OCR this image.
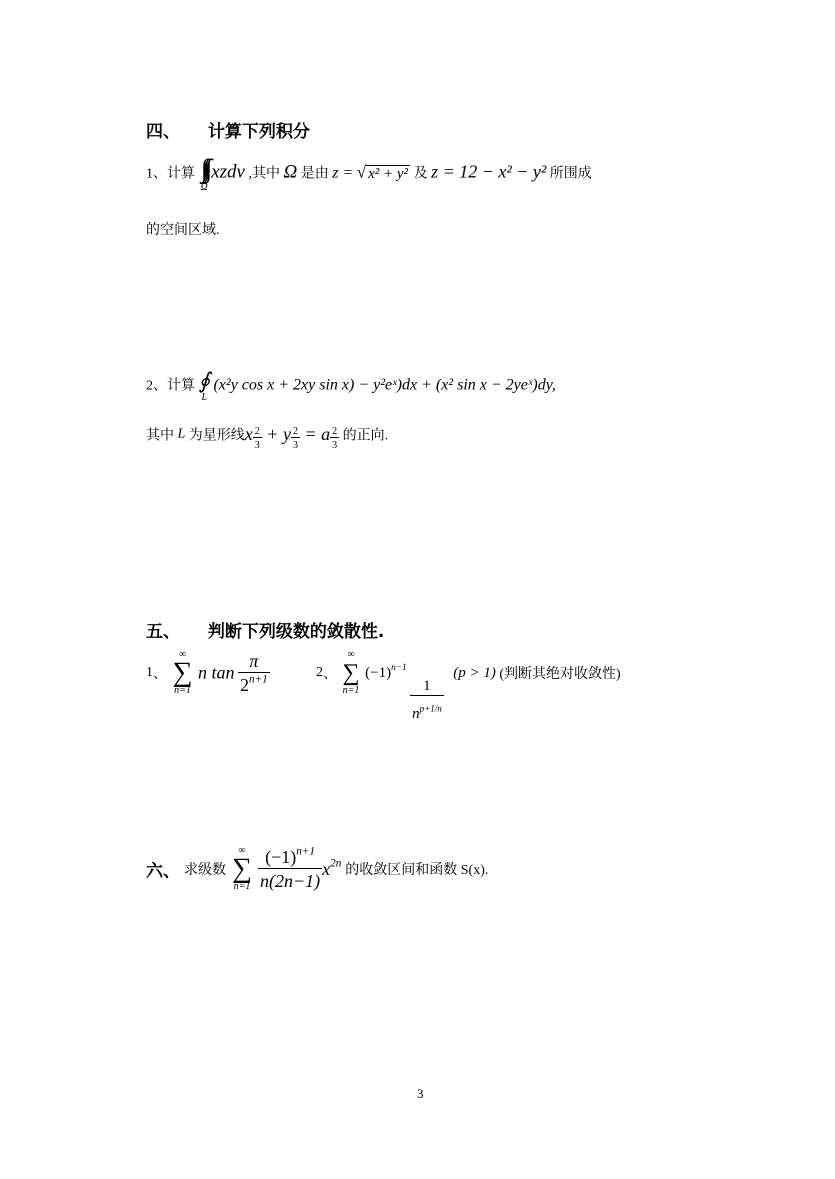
四、 计算下列积分
1、计算 ∫∫∫
Ω
xzdv ,其中 Ω 是由 z = √ x² + y² 及 z = 12 − x² − y² 所围成
的空间区域.
2、计算 ∮
L
(x²y cos x + 2xy sin x) − y²eˣ)dx + (x² sin x − 2yeˣ)dy,
其中 L 为星形线x $\frac{2}{3} + y \frac{2}{3} = a \frac{2}{3}$ 的正向.
五、 判断下列级数的敛散性.
1、
∞
∑
n=1
n $\tan \frac{\pi}{2^{n+1}}$	2、
∞
∑
n=1
$(-1)^{n-1}$
$\frac{1}{n^{p+1/n}}$
(p > 1) (判断其绝对收敛性)
六、 求级数
∞
∑
n=1
$\frac{(-1)^{n+1}}{n(2n-1)} x^{2n}$ 的收敛区间和函数 S(x).
3
